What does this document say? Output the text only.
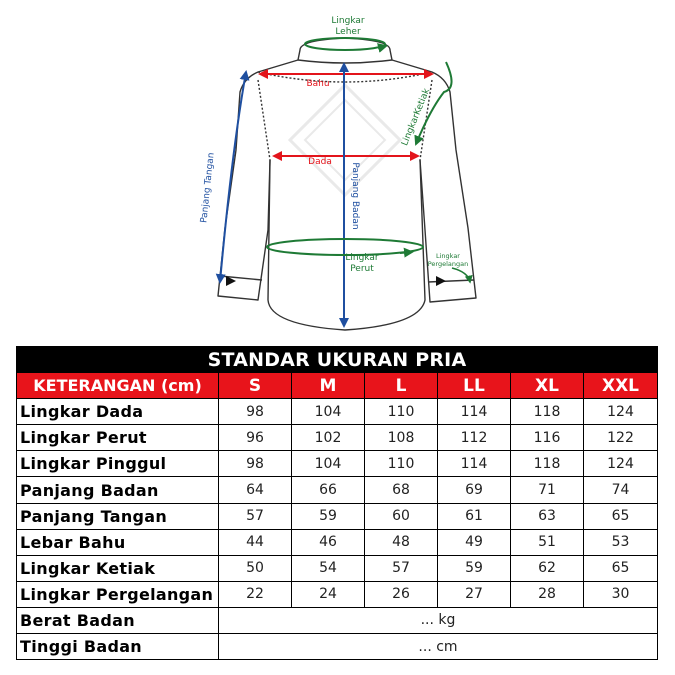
Lingkar
Leher
Bahu
Dada
Panjang Badan
Panjang Tangan
LingkarKetiak
Lingkar
Perut
Lingkar
Pergelangan
STANDAR UKURAN PRIA						
KETERANGAN (cm)	S	M	L	LL	XL	XXL
Lingkar Dada	98	104	110	114	118	124
Lingkar Perut	96	102	108	112	116	122
Lingkar Pinggul	98	104	110	114	118	124
Panjang Badan	64	66	68	69	71	74
Panjang Tangan	57	59	60	61	63	65
Lebar Bahu	44	46	48	49	51	53
Lingkar Ketiak	50	54	57	59	62	65
Lingkar Pergelangan	22	24	26	27	28	30
Berat Badan	... kg					
Tinggi Badan	... cm					
